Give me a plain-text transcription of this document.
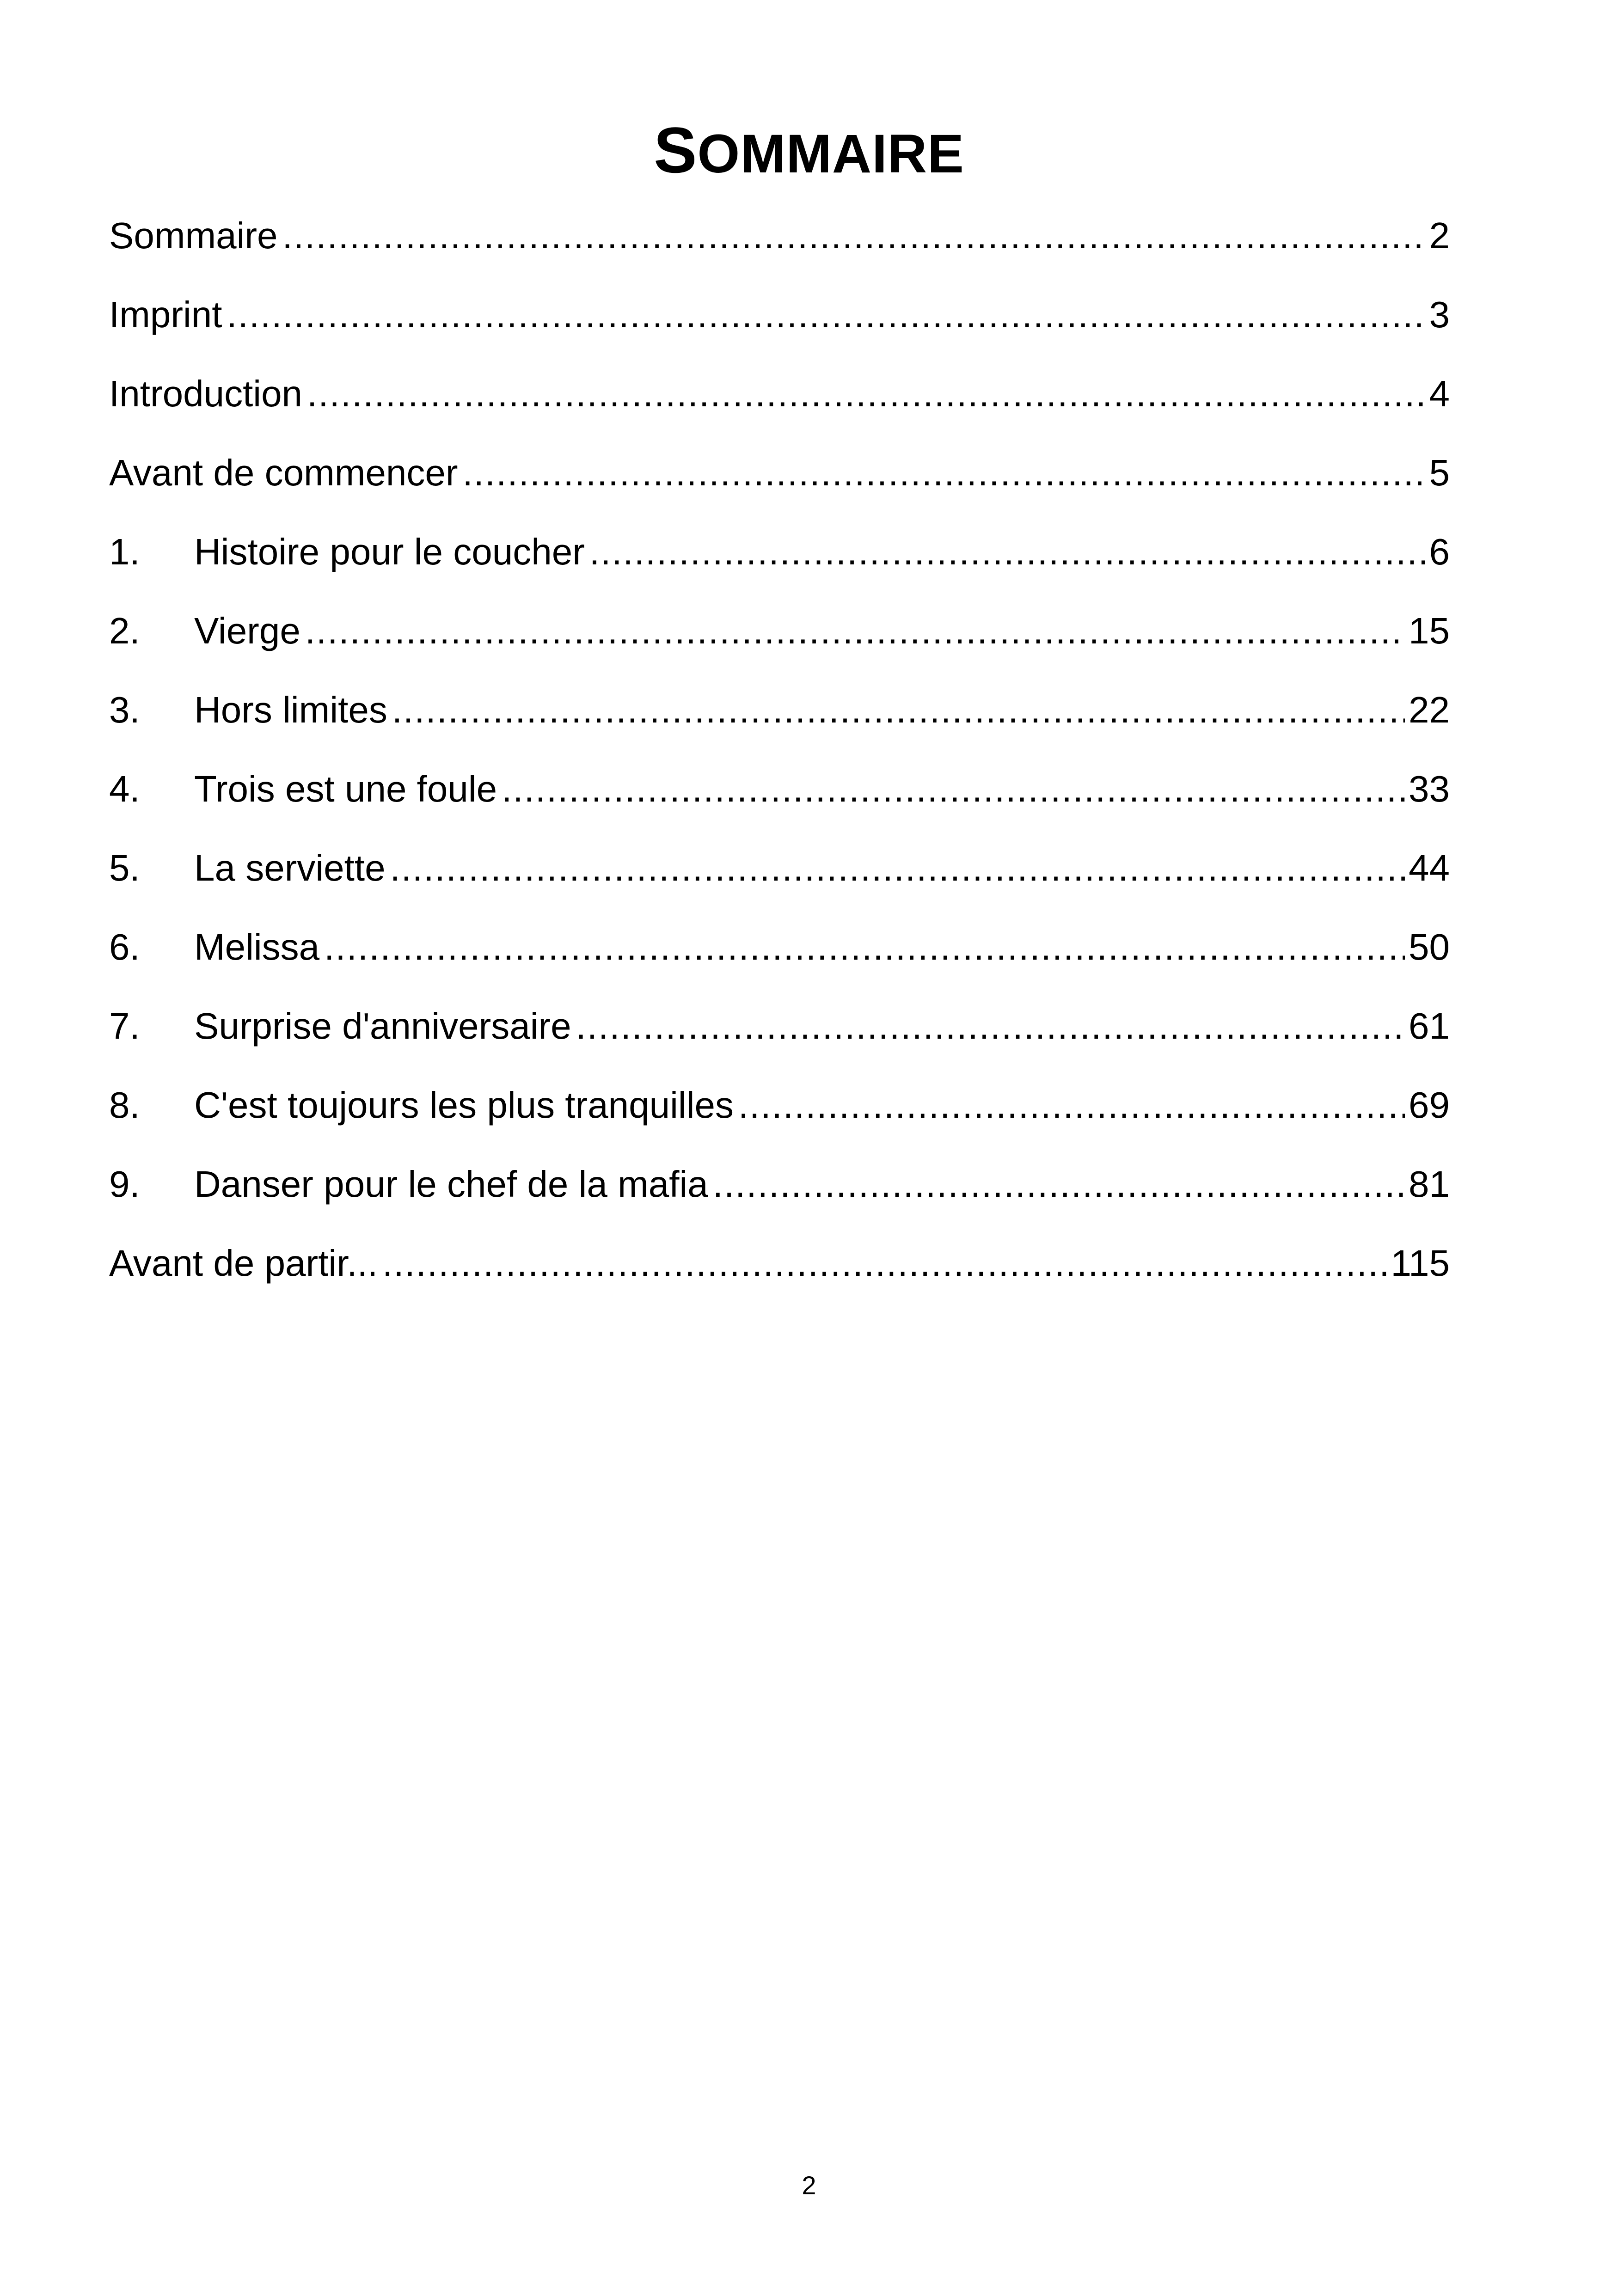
SOMMAIRE
Sommaire .....	2
Imprint .....	3
Introduction .....	4
Avant de commencer .....	5
1.	Histoire pour le coucher .....	6
2.	Vierge .....	15
3.	Hors limites .....	22
4.	Trois est une foule .....	33
5.	La serviette .....	44
6.	Melissa .....	50
7.	Surprise d'anniversaire .....	61
8.	C'est toujours les plus tranquilles .....	69
9.	Danser pour le chef de la mafia .....	81
Avant de partir... .....	115
2
